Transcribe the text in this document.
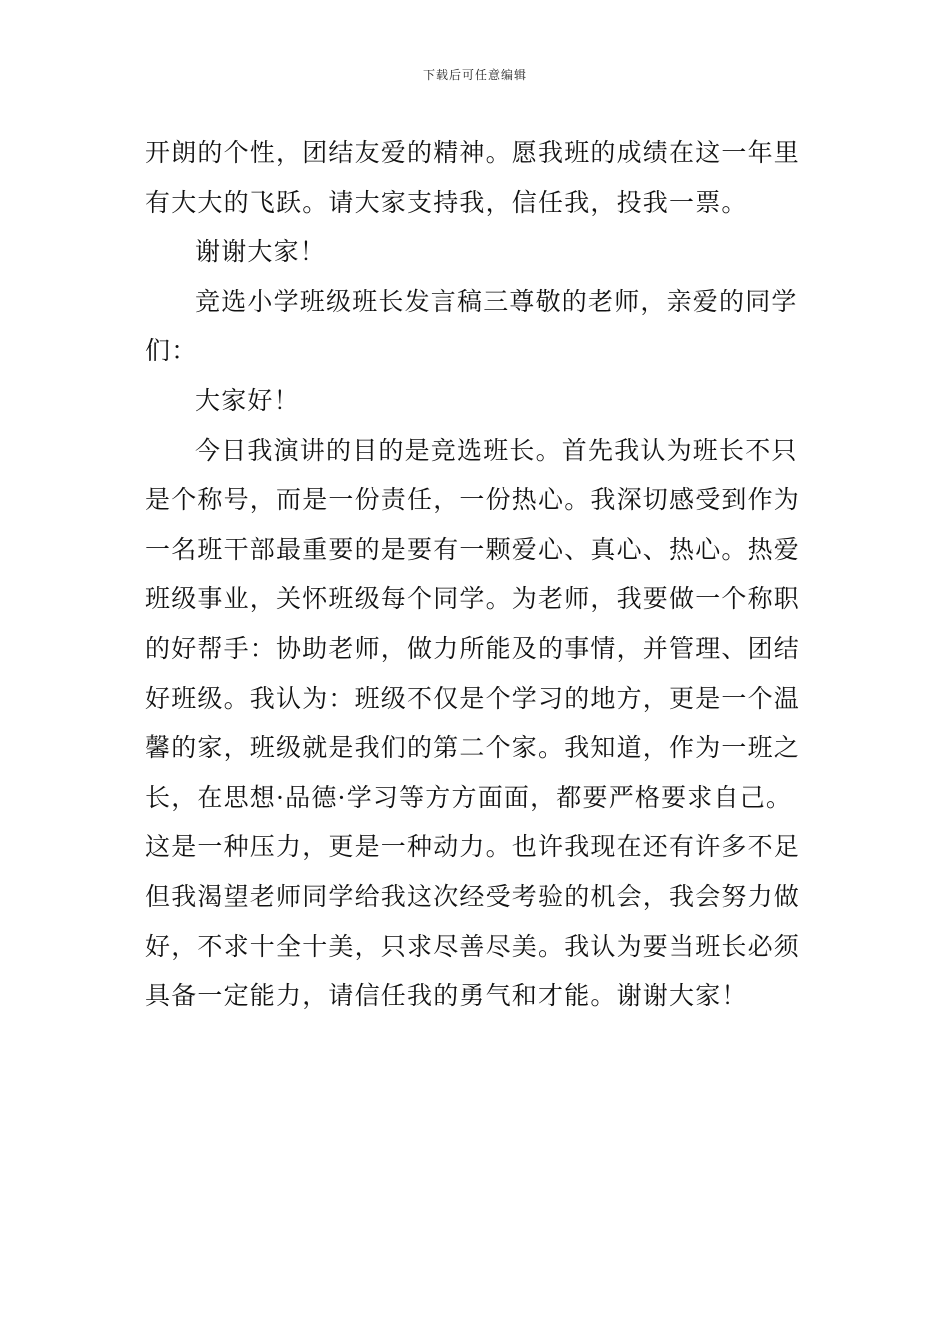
下载后可任意编辑
开朗的个性，团结友爱的精神。愿我班的成绩在这一年里
有大大的飞跃。请大家支持我，信任我，投我一票。
谢谢大家！
竞选小学班级班长发言稿三尊敬的老师，亲爱的同学
们：
大家好！
今日我演讲的目的是竞选班长。首先我认为班长不只
是个称号，而是一份责任，一份热心。我深切感受到作为
一名班干部最重要的是要有一颗爱心、真心、热心。热爱
班级事业，关怀班级每个同学。为老师，我要做一个称职
的好帮手：协助老师，做力所能及的事情，并管理、团结
好班级。我认为：班级不仅是个学习的地方，更是一个温
馨的家，班级就是我们的第二个家。我知道，作为一班之
长，在思想·品德·学习等方方面面，都要严格要求自己。
这是一种压力，更是一种动力。也许我现在还有许多不足
但我渴望老师同学给我这次经受考验的机会，我会努力做
好，不求十全十美，只求尽善尽美。我认为要当班长必须
具备一定能力，请信任我的勇气和才能。谢谢大家！
